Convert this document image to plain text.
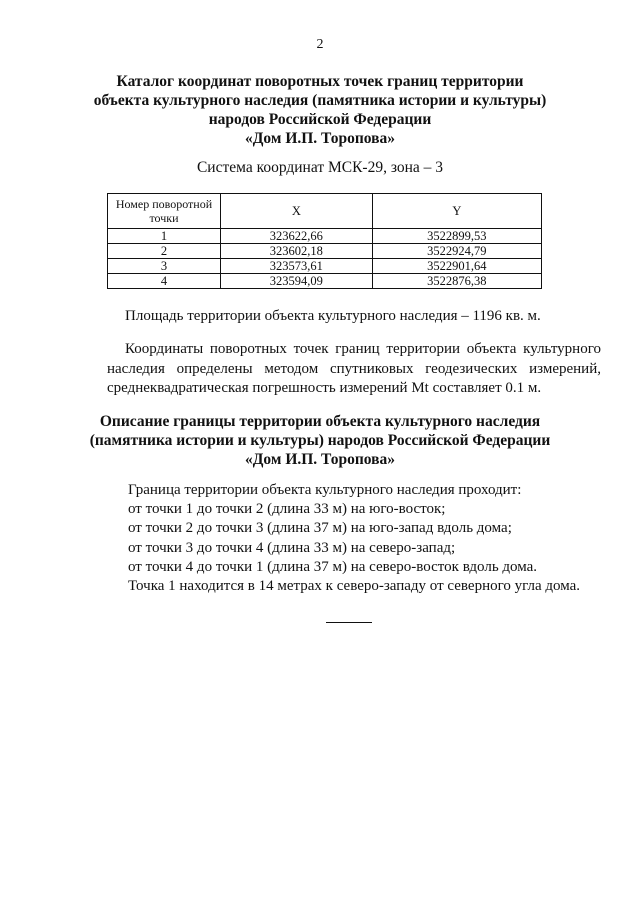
2
Каталог координат поворотных точек границ территории
объекта культурного наследия (памятника истории и культуры)
народов Российской Федерации
«Дом И.П. Торопова»
Система координат МСК-29, зона – 3
Номер поворотной точки	X	Y
1	323622,66	3522899,53
2	323602,18	3522924,79
3	323573,61	3522901,64
4	323594,09	3522876,38
Площадь территории объекта культурного наследия – 1196 кв. м.
Координаты поворотных точек границ территории объекта культурного
наследия определены методом спутниковых геодезических измерений,
среднеквадратическая погрешность измерений Мt составляет 0.1 м.
Описание границы территории объекта культурного наследия
(памятника истории и культуры) народов Российской Федерации
«Дом И.П. Торопова»
Граница территории объекта культурного наследия проходит:
от точки 1 до точки 2 (длина 33 м) на юго-восток;
от точки 2 до точки 3 (длина 37 м) на юго-запад вдоль дома;
от точки 3 до точки 4 (длина 33 м) на северо-запад;
от точки 4 до точки 1 (длина 37 м) на северо-восток вдоль дома.
Точка 1 находится в 14 метрах к северо-западу от северного угла дома.
